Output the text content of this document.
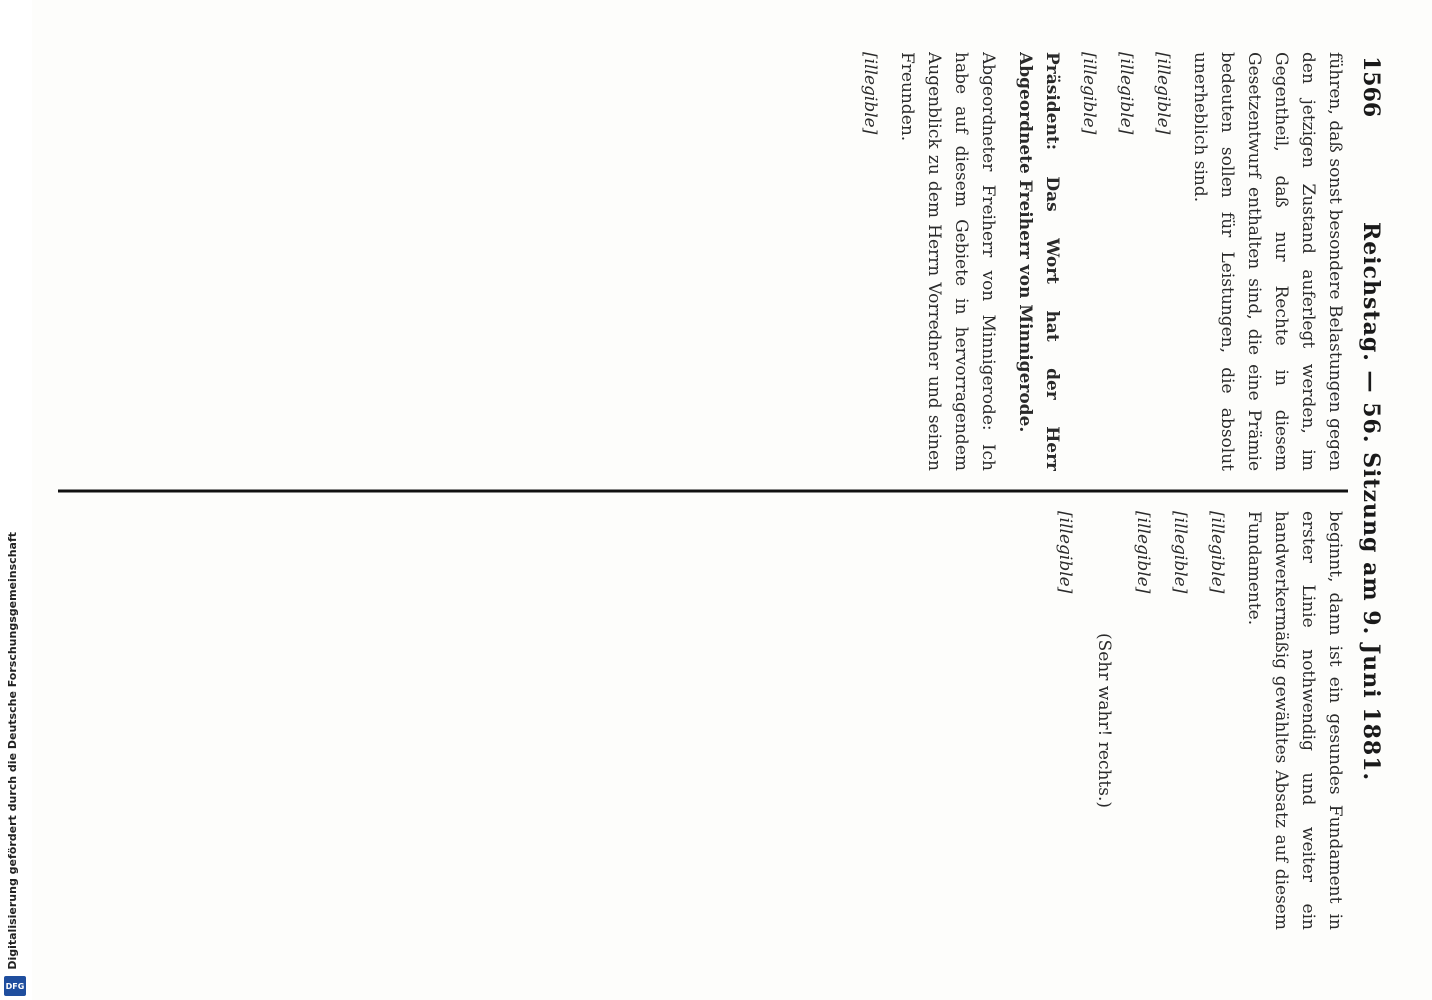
1566
Reichstag. — 56. Sitzung am 9. Juni 1881.

führen, daß sonst besondere Belastungen gegen den jetzigen Zustand auferlegt werden, im Gegentheil, daß nur Rechte in diesem Gesetzentwurf enthalten sind, die eine Prämie bedeuten sollen für Leistungen, die absolut unerheblich sind.

[illegible]

[illegible]

[illegible]

Präsident: Das Wort hat der Herr Abgeordnete Freiherr von Minnigerode.

Abgeordneter Freiherr von Minnigerode: Ich habe auf diesem Gebiete in hervorragendem Augenblick zu dem Herrn Vorredner und seinen Freunden.

[illegible]

beginnt, dann ist ein gesundes Fundament in erster Linie nothwendig und weiter ein handwerkermäßig gewähltes Absatz auf diesem Fundamente.

[illegible]

[illegible]

[illegible]

(Sehr wahr! rechts.)

[illegible]

Digitalisierung gefördert durch die Deutsche Forschungsgemeinschaft
DFG
